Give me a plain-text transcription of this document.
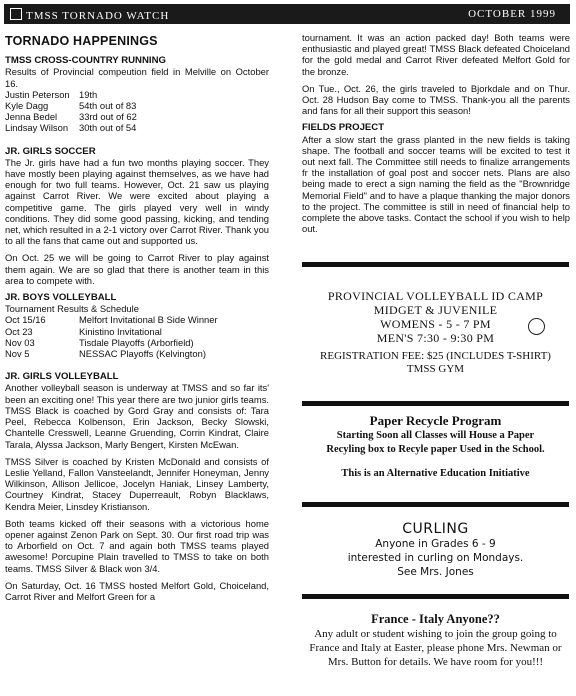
TMSS TORNADO WATCH	OCTOBER 1999
TORNADO HAPPENINGS
TMSS CROSS-COUNTRY RUNNING

Results of Provincial compeution field in Melville on October 16.

Justin Peterson 19th
Kyle Dagg	54th out of 83
Jenna Bedel	33rd out of 62
Lindsay Wilson	30th out of 54
JR. GIRLS SOCCER

The Jr. girls have had a fun two months playing soccer. They have mostly been playing against themselves, as we have had enough for two full teams. However, Oct. 21 saw us playing against Carrot River. We were excited about playing a competitive game. The girls played very well in windy conditions. They did some good passing, kicking, and tending net, which resulted in a 2-1 victory over Carrot River. Thank you to all the fans that came out and supported us.

On Oct. 25 we will be going to Carrot River to play against them again. We are so glad that there is another team in this area to compete with.

JR. BOYS VOLLEYBALL
Tournament Results & Schedule
Oct 15/16	Melfort Invitational B Side Winner
Oct 23	Kinistino Invitational
Nov 03	Tisdale Playoffs (Arborfield)
Nov 5	NESSAC Playoffs (Kelvington)
JR. GIRLS VOLLEYBALL

Another volleyball season is underway at TMSS and so far its' been an exciting one! This year there are two junior girls teams. TMSS Black is coached by Gord Gray and consists of: Tara Peel, Rebecca Kolbenson, Erin Jackson, Becky Slowski, Chantelle Cresswell, Leanne Gruending, Corrin Kindrat, Claire Tarala, Alyssa Jackson, Marly Bengert, Kirsten McEwan.

TMSS Silver is coached by Kristen McDonald and consists of Leslie Yelland, Fallon Vansteelandt, Jennifer Honeyman, Jenny Wilkinson, Allison Jellicoe, Jocelyn Haniak, Linsey Lamberty, Courtney Kindrat, Stacey Duperreault, Robyn Blacklaws, Kendra Meier, Linsdey Kristianson.

Both teams kicked off their seasons with a victorious home opener against Zenon Park on Sept. 30. Our first road trip was to Arborfield on Oct. 7 and again both TMSS teams played awesome! Porcupine Plain travelled to TMSS to take on both teams. TMSS Silver & Black won 3/4.

On Saturday, Oct. 16 TMSS hosted Melfort Gold, Choiceland, Carrot River and Melfort Green for a

tournament. It was an action packed day! Both teams were enthusiastic and played great! TMSS Black defeated Choiceland for the gold medal and Carrot River defeated Melfort Gold for the bronze.

On Tue., Oct. 26, the girls traveled to Bjorkdale and on Thur. Oct. 28 Hudson Bay come to TMSS. Thank-you all the parents and fans for all their support this season!

FIELDS PROJECT

After a slow start the grass planted in the new fields is taking shape. The football and soccer teams will be excited to test it out next fall. The Committee still needs to finalize arrangements fr the installation of goal post and soccer nets. Plans are also being made to erect a sign naming the field as the "Brownridge Memorial Field" and to have a plaque thanking the major donors to the project. The committee is still in need of financial help to complete the above tasks. Contact the school if you wish to help out.

PROVINCIAL VOLLEYBALL ID CAMP
MIDGET & JUVENILE
WOMENS - 5 - 7 PM
MEN'S 7:30 - 9:30 PM
REGISTRATION FEE: $25 (INCLUDES T-SHIRT)
TMSS GYM
Paper Recycle Program
Starting Soon all Classes will House a Paper Recyling box to Recyle paper Used in the School.
This is an Alternative Education Initiative
CURLING
Anyone in Grades 6 - 9
interested in curling on Mondays.
See Mrs. Jones
France - Italy Anyone??
Any adult or student wishing to join the group going to France and Italy at Easter, please phone Mrs. Newman or Mrs. Button for details. We have room for you!!!
